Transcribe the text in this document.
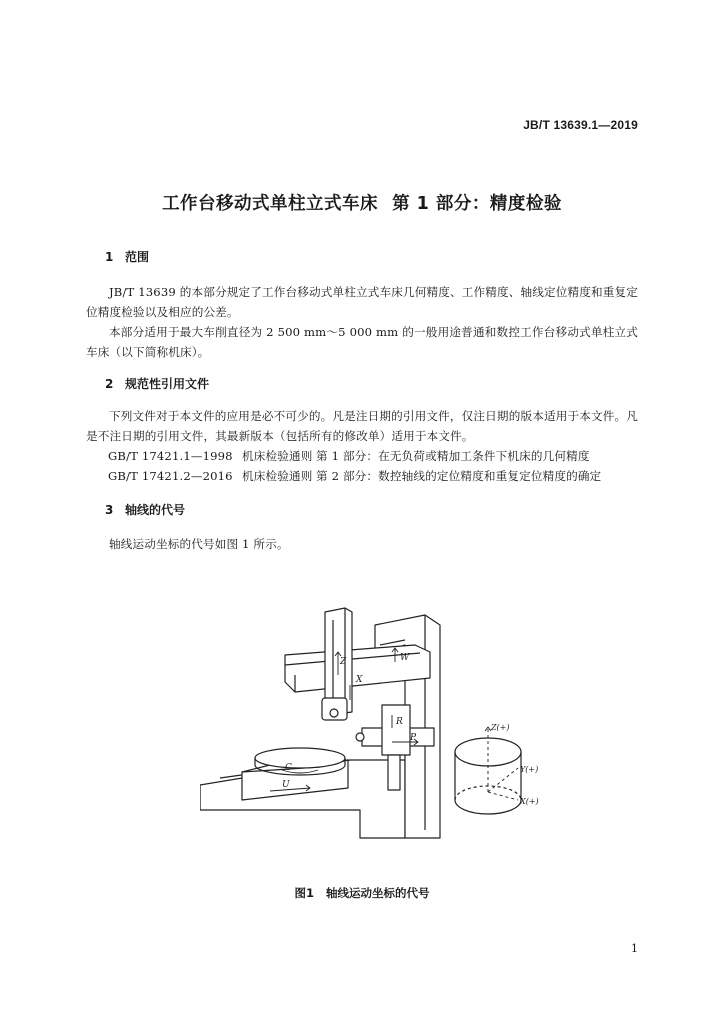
JB/T 13639.1—2019
工作台移动式单柱立式车床 第 1 部分：精度检验
1 范围
JB/T 13639 的本部分规定了工作台移动式单柱立式车床几何精度、工作精度、轴线定位精度和重复定位精度检验以及相应的公差。
本部分适用于最大车削直径为 2 500 mm～5 000 mm 的一般用途普通和数控工作台移动式单柱立式车床（以下简称机床）。
2 规范性引用文件
下列文件对于本文件的应用是必不可少的。凡是注日期的引用文件，仅注日期的版本适用于本文件。凡是不注日期的引用文件，其最新版本（包括所有的修改单）适用于本文件。
GB/T 17421.1—1998 机床检验通则 第 1 部分：在无负荷或精加工条件下机床的几何精度
GB/T 17421.2—2016 机床检验通则 第 2 部分：数控轴线的定位精度和重复定位精度的确定
3 轴线的代号
轴线运动坐标的代号如图 1 所示。
Z	W
X
R
P
C
U
Z(+)
Y(+)
X(+)
图1 轴线运动坐标的代号
1
